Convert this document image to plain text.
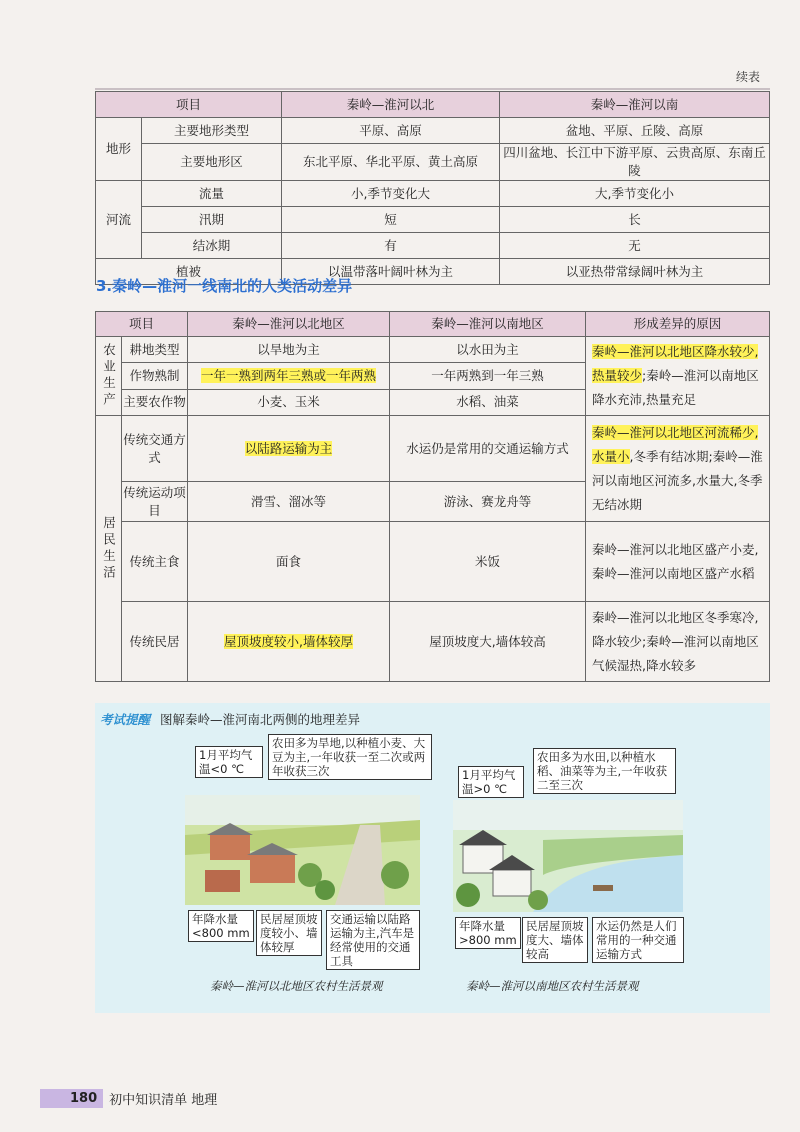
续表
项目		秦岭—淮河以北	秦岭—淮河以南
地形	主要地形类型	平原、高原	盆地、平原、丘陵、高原
	主要地形区	东北平原、华北平原、黄土高原	四川盆地、长江中下游平原、云贵高原、东南丘陵
河流	流量	小,季节变化大	大,季节变化小
	汛期	短	长
	结冰期	有	无
植被		以温带落叶阔叶林为主	以亚热带常绿阔叶林为主
3.秦岭—淮河一线南北的人类活动差异
项目		秦岭—淮河以北地区	秦岭—淮河以南地区	形成差异的原因
农业生产	耕地类型	以旱地为主	以水田为主	秦岭—淮河以北地区降水较少,热量较少;秦岭—淮河以南地区降水充沛,热量充足
	作物熟制	一年一熟到两年三熟或一年两熟	一年两熟到一年三熟	
	主要农作物	小麦、玉米	水稻、油菜	
居民生活	传统交通方式	以陆路运输为主	水运仍是常用的交通运输方式	秦岭—淮河以北地区河流稀少,水量小,冬季有结冰期;秦岭—淮河以南地区河流多,水量大,冬季无结冰期
	传统运动项目	滑雪、溜冰等	游泳、赛龙舟等	
	传统主食	面食	米饭	秦岭—淮河以北地区盛产小麦,秦岭—淮河以南地区盛产水稻
	传统民居	屋顶坡度较小,墙体较厚	屋顶坡度大,墙体较高	秦岭—淮河以北地区冬季寒冷,降水较少;秦岭—淮河以南地区气候湿热,降水较多
考试提醒 图解秦岭—淮河南北两侧的地理差异
1月平均气温<0 ℃
农田多为旱地,以种植小麦、大豆为主,一年收获一至二次或两年收获三次
年降水量<800 mm
民居屋顶坡度较小、墙体较厚
交通运输以陆路运输为主,汽车是经常使用的交通工具
秦岭—淮河以北地区农村生活景观
1月平均气温>0 ℃
农田多为水田,以种植水稻、油菜等为主,一年收获二至三次
年降水量>800 mm
民居屋顶坡度大、墙体较高
水运仍然是人们常用的一种交通运输方式
秦岭—淮河以南地区农村生活景观
180 初中知识清单 地理
